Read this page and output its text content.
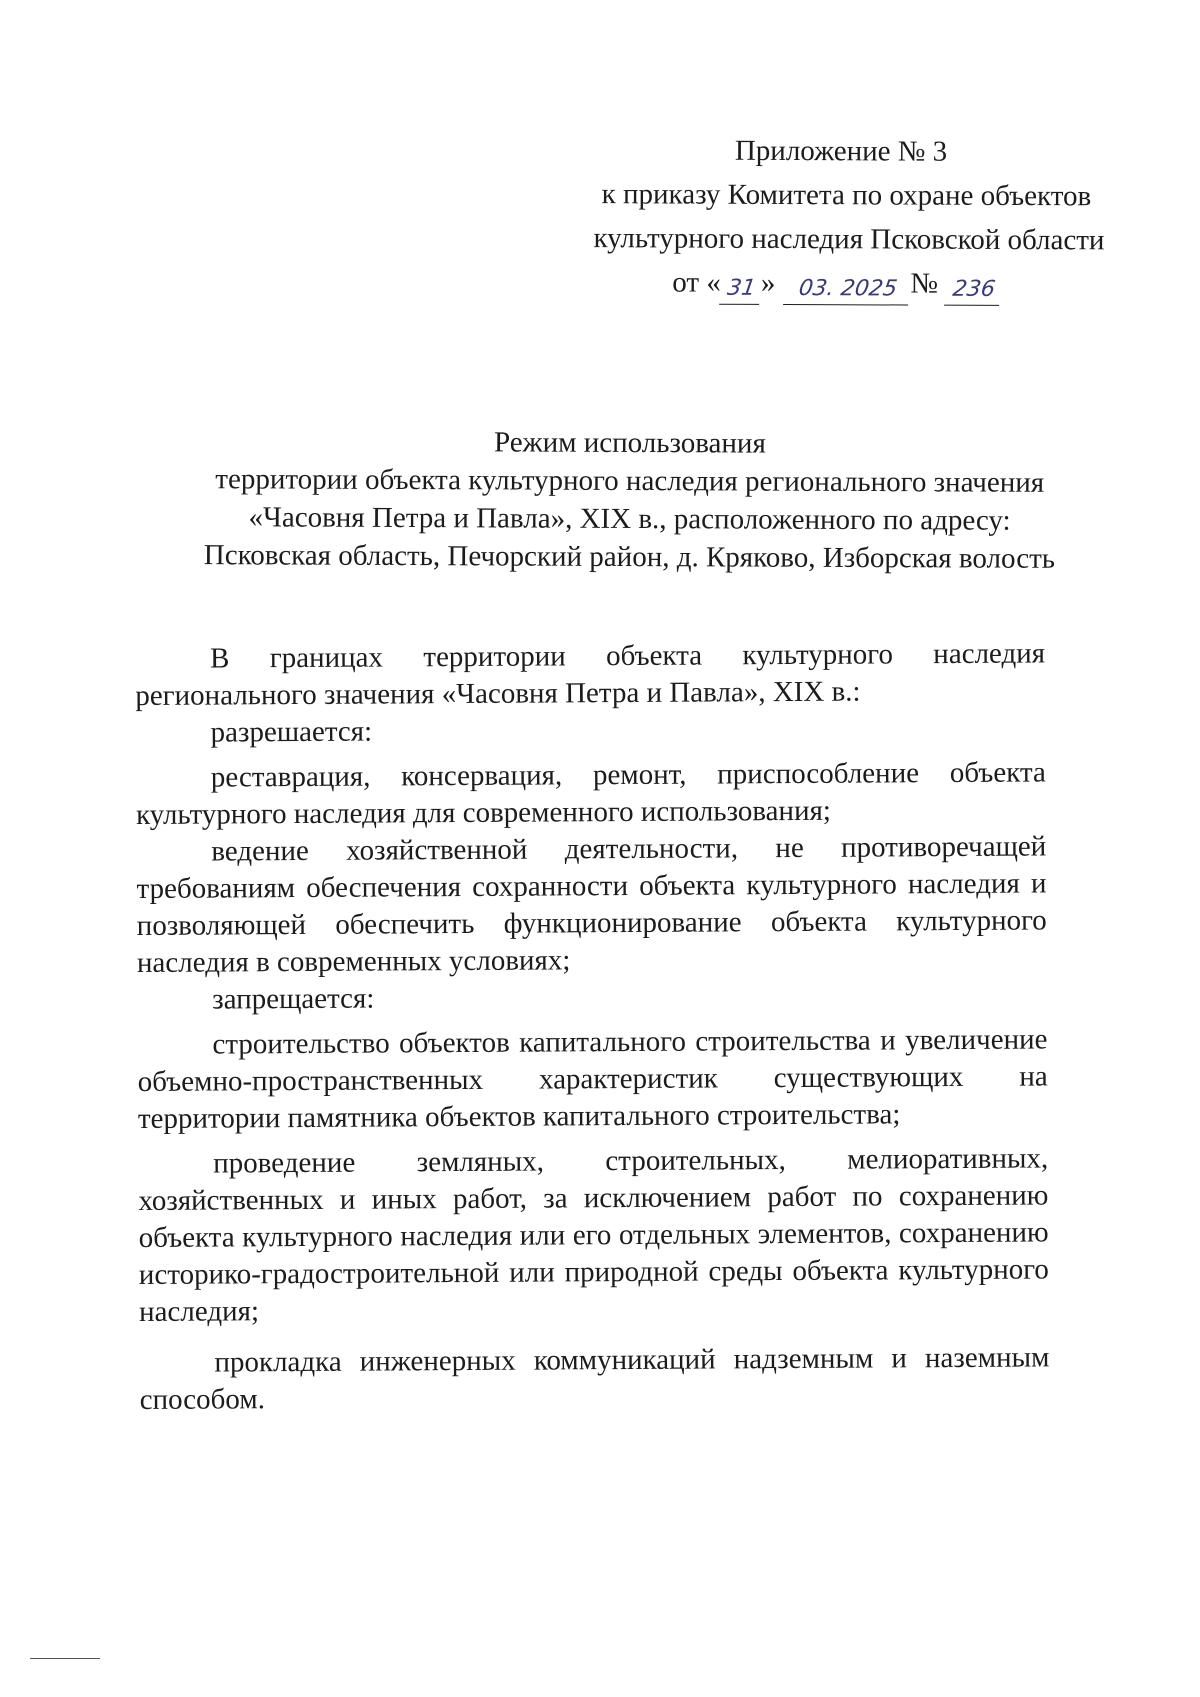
Приложение № 3
к приказу Комитета по охране объектов
культурного наследия Псковской области
от « 31 » 03. 2025 № 236
Режим использования
территории объекта культурного наследия регионального значения
«Часовня Петра и Павла», XIX в., расположенного по адресу:
Псковская область, Печорский район, д. Кряково, Изборская волость

В границах территории объекта культурного наследия регионального значения «Часовня Петра и Павла», XIX в.:

разрешается:

реставрация, консервация, ремонт, приспособление объекта культурного наследия для современного использования;

ведение хозяйственной деятельности, не противоречащей требованиям обеспечения сохранности объекта культурного наследия и позволяющей обеспечить функционирование объекта культурного наследия в современных условиях;

запрещается:

строительство объектов капитального строительства и увеличение объемно-пространственных характеристик существующих на территории памятника объектов капитального строительства;

проведение земляных, строительных, мелиоративных, хозяйственных и иных работ, за исключением работ по сохранению объекта культурного наследия или его отдельных элементов, сохранению историко-градостроительной или природной среды объекта культурного наследия;

прокладка инженерных коммуникаций надземным и наземным способом.
